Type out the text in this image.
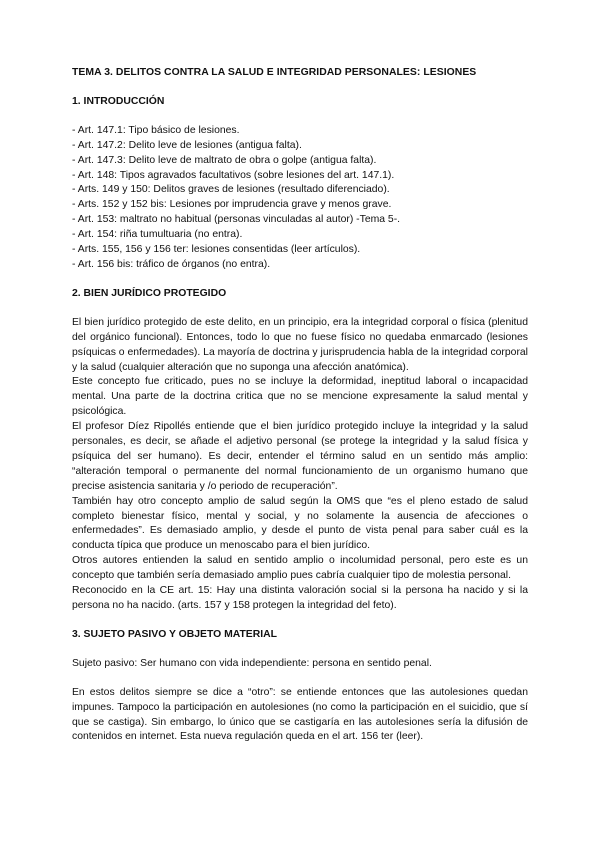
TEMA 3. DELITOS CONTRA LA SALUD E INTEGRIDAD PERSONALES: LESIONES
1. INTRODUCCIÓN
- Art. 147.1: Tipo básico de lesiones.
- Art. 147.2: Delito leve de lesiones (antigua falta).
- Art. 147.3: Delito leve de maltrato de obra o golpe (antigua falta).
- Art. 148: Tipos agravados facultativos (sobre lesiones del art. 147.1).
- Arts. 149 y 150: Delitos graves de lesiones (resultado diferenciado).
- Arts. 152 y 152 bis: Lesiones por imprudencia grave y menos grave.
- Art. 153: maltrato no habitual (personas vinculadas al autor) -Tema 5-.
- Art. 154: riña tumultuaria (no entra).
- Arts. 155, 156 y 156 ter: lesiones consentidas (leer artículos).
- Art. 156 bis: tráfico de órganos (no entra).
2. BIEN JURÍDICO PROTEGIDO

El bien jurídico protegido de este delito, en un principio, era la integridad corporal o física (plenitud del orgánico funcional). Entonces, todo lo que no fuese físico no quedaba enmarcado (lesiones psíquicas o enfermedades). La mayoría de doctrina y jurisprudencia habla de la integridad corporal y la salud (cualquier alteración que no suponga una afección anatómica).

Este concepto fue criticado, pues no se incluye la deformidad, ineptitud laboral o incapacidad mental. Una parte de la doctrina critica que no se mencione expresamente la salud mental y psicológica.

El profesor Díez Ripollés entiende que el bien jurídico protegido incluye la integridad y la salud personales, es decir, se añade el adjetivo personal (se protege la integridad y la salud física y psíquica del ser humano). Es decir, entender el término salud en un sentido más amplio: “alteración temporal o permanente del normal funcionamiento de un organismo humano que precise asistencia sanitaria y /o periodo de recuperación”.

También hay otro concepto amplio de salud según la OMS que “es el pleno estado de salud completo bienestar físico, mental y social, y no solamente la ausencia de afecciones o enfermedades”. Es demasiado amplio, y desde el punto de vista penal para saber cuál es la conducta típica que produce un menoscabo para el bien jurídico.

Otros autores entienden la salud en sentido amplio o incolumidad personal, pero este es un concepto que también sería demasiado amplio pues cabría cualquier tipo de molestia personal.

Reconocido en la CE art. 15: Hay una distinta valoración social si la persona ha nacido y si la persona no ha nacido. (arts. 157 y 158 protegen la integridad del feto).

3. SUJETO PASIVO Y OBJETO MATERIAL

Sujeto pasivo: Ser humano con vida independiente: persona en sentido penal.

En estos delitos siempre se dice a “otro”: se entiende entonces que las autolesiones quedan impunes. Tampoco la participación en autolesiones (no como la participación en el suicidio, que sí que se castiga). Sin embargo, lo único que se castigaría en las autolesiones sería la difusión de contenidos en internet. Esta nueva regulación queda en el art. 156 ter (leer).
